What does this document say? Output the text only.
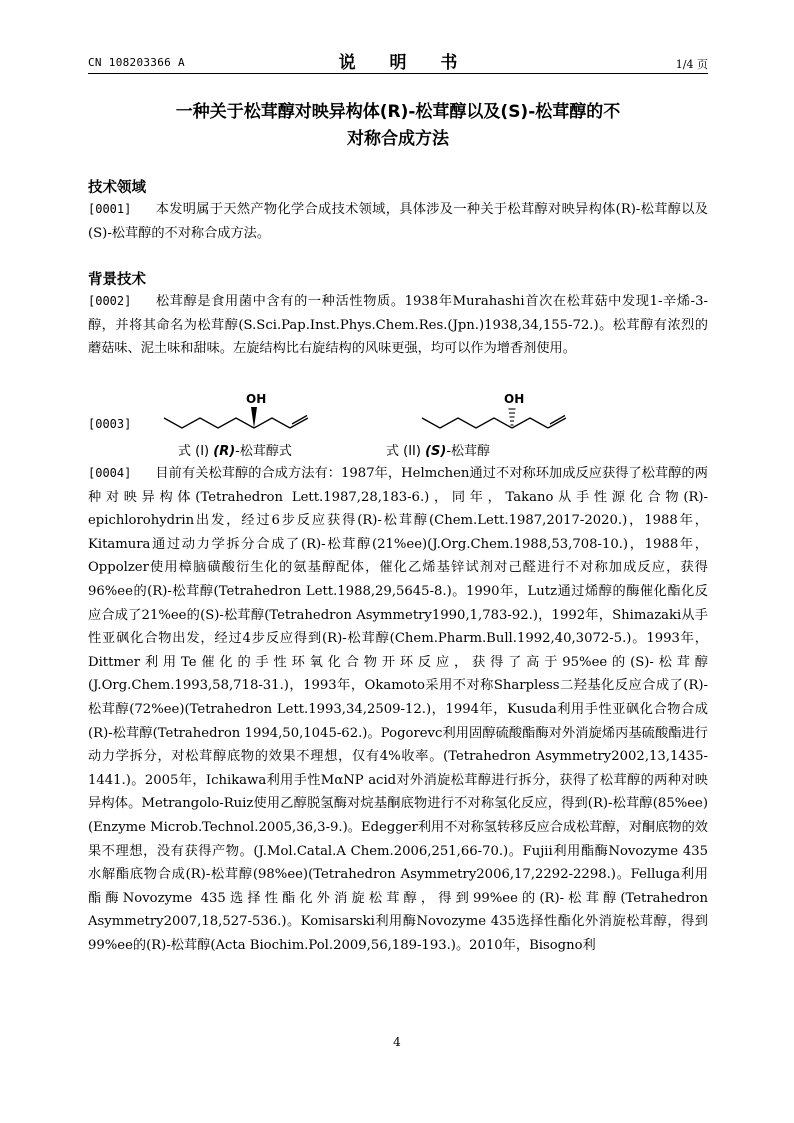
CN 108203366 A	说 明 书	1/4 页
一种关于松茸醇对映异构体(R)-松茸醇以及(S)-松茸醇的不
对称合成方法
技术领域

[0001] 本发明属于天然产物化学合成技术领域，具体涉及一种关于松茸醇对映异构体(R)-松茸醇以及(S)-松茸醇的不对称合成方法。

背景技术

[0002] 松茸醇是食用菌中含有的一种活性物质。1938年Murahashi首次在松茸菇中发现1-辛烯-3-醇，并将其命名为松茸醇(S.Sci.Pap.Inst.Phys.Chem.Res.(Jpn.)1938,34,155-72.)。松茸醇有浓烈的蘑菇味、泥土味和甜味。左旋结构比右旋结构的风味更强，均可以作为增香剂使用。

[0003]
OH	OH
式 (I) (R)-松茸醇式	式 (II) (S)-松茸醇

[0004] 目前有关松茸醇的合成方法有：1987年，Helmchen通过不对称环加成反应获得了松茸醇的两种对映异构体(Tetrahedron Lett.1987,28,183-6.)，同年，Takano从手性源化合物(R)-epichlorohydrin出发，经过6步反应获得(R)-松茸醇(Chem.Lett.1987,2017-2020.)，1988年，Kitamura通过动力学拆分合成了(R)-松茸醇(21%ee)(J.Org.Chem.1988,53,708-10.)，1988年，Oppolzer使用樟脑磺酸衍生化的氨基醇配体，催化乙烯基锌试剂对己醛进行不对称加成反应，获得96%ee的(R)-松茸醇(Tetrahedron Lett.1988,29,5645-8.)。1990年，Lutz通过烯醇的酶催化酯化反应合成了21%ee的(S)-松茸醇(Tetrahedron Asymmetry1990,1,783-92.)，1992年，Shimazaki从手性亚砜化合物出发，经过4步反应得到(R)-松茸醇(Chem.Pharm.Bull.1992,40,3072-5.)。1993年，Dittmer利用Te催化的手性环氧化合物开环反应，获得了高于95%ee的(S)-松茸醇(J.Org.Chem.1993,58,718-31.)，1993年，Okamoto采用不对称Sharpless二羟基化反应合成了(R)-松茸醇(72%ee)(Tetrahedron Lett.1993,34,2509-12.)，1994年，Kusuda利用手性亚砜化合物合成(R)-松茸醇(Tetrahedron 1994,50,1045-62.)。Pogorevc利用固醇硫酸酯酶对外消旋烯丙基硫酸酯进行动力学拆分，对松茸醇底物的效果不理想，仅有4%收率。(Tetrahedron Asymmetry2002,13,1435-1441.)。2005年，Ichikawa利用手性MαNP acid对外消旋松茸醇进行拆分，获得了松茸醇的两种对映异构体。Metrangolo-Ruiz使用乙醇脱氢酶对烷基酮底物进行不对称氢化反应，得到(R)-松茸醇(85%ee)(Enzyme Microb.Technol.2005,36,3-9.)。Edegger利用不对称氢转移反应合成松茸醇，对酮底物的效果不理想，没有获得产物。(J.Mol.Catal.A Chem.2006,251,66-70.)。Fujii利用酯酶Novozyme 435水解酯底物合成(R)-松茸醇(98%ee)(Tetrahedron Asymmetry2006,17,2292-2298.)。Felluga利用酯酶Novozyme 435选择性酯化外消旋松茸醇，得到99%ee的(R)-松茸醇(Tetrahedron Asymmetry2007,18,527-536.)。Komisarski利用酶Novozyme 435选择性酯化外消旋松茸醇，得到99%ee的(R)-松茸醇(Acta Biochim.Pol.2009,56,189-193.)。2010年，Bisogno利

4
